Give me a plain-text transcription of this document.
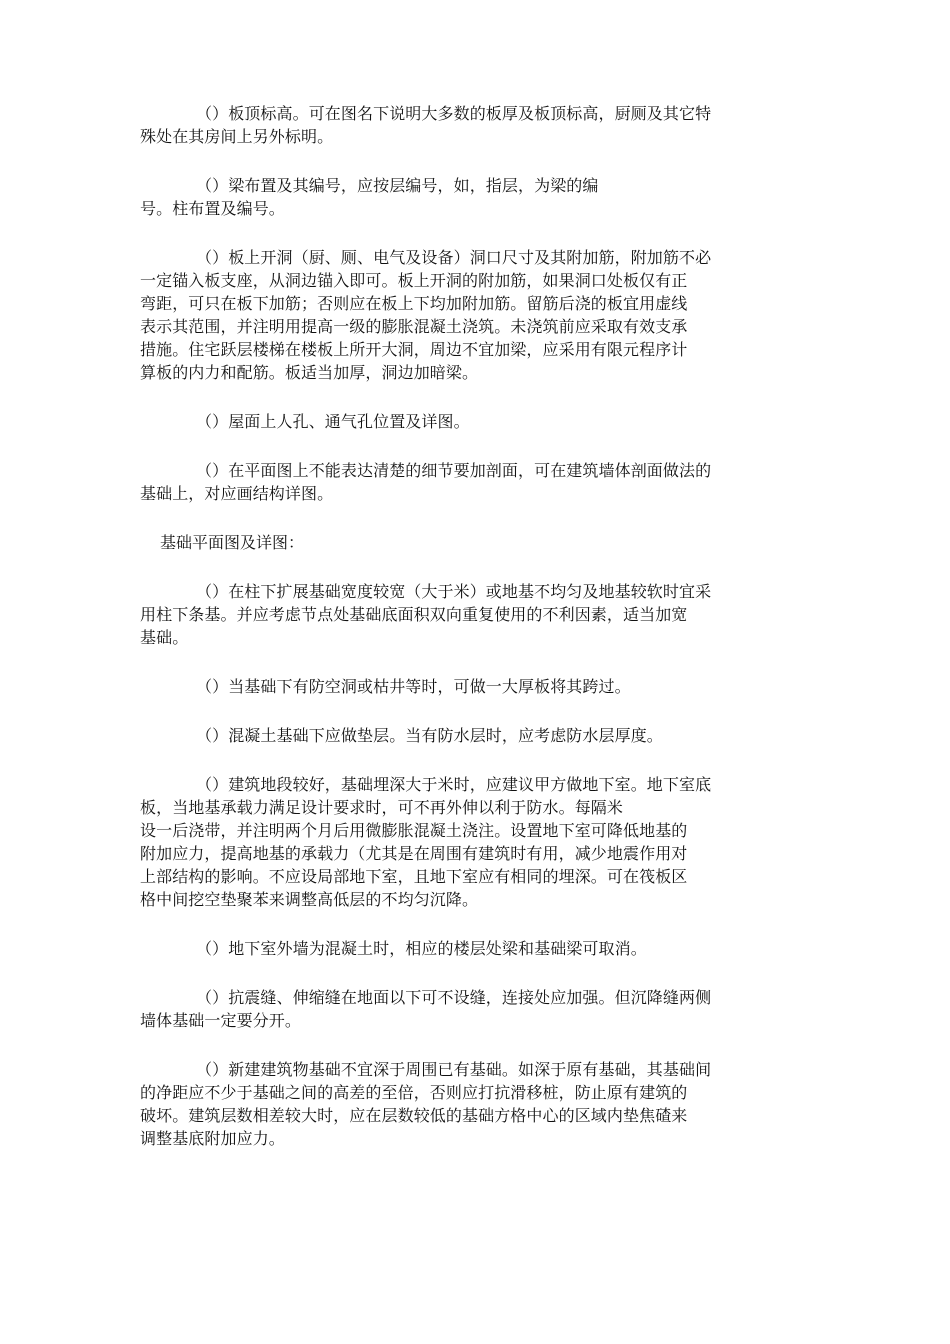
（）板顶标高。可在图名下说明大多数的板厚及板顶标高，厨厕及其它特
殊处在其房间上另外标明。

（）梁布置及其编号，应按层编号，如，指层，为梁的编
号。柱布置及编号。

（）板上开洞（厨、厕、电气及设备）洞口尺寸及其附加筋，附加筋不必
一定锚入板支座，从洞边锚入即可。板上开洞的附加筋，如果洞口处板仅有正
弯距，可只在板下加筋；否则应在板上下均加附加筋。留筋后浇的板宜用虚线
表示其范围，并注明用提高一级的膨胀混凝土浇筑。未浇筑前应采取有效支承
措施。住宅跃层楼梯在楼板上所开大洞，周边不宜加梁，应采用有限元程序计
算板的内力和配筋。板适当加厚，洞边加暗梁。

（）屋面上人孔、通气孔位置及详图。

（）在平面图上不能表达清楚的细节要加剖面，可在建筑墙体剖面做法的
基础上，对应画结构详图。

基础平面图及详图：

（）在柱下扩展基础宽度较宽（大于米）或地基不均匀及地基较软时宜采
用柱下条基。并应考虑节点处基础底面积双向重复使用的不利因素，适当加宽
基础。

（）当基础下有防空洞或枯井等时，可做一大厚板将其跨过。

（）混凝土基础下应做垫层。当有防水层时，应考虑防水层厚度。

（）建筑地段较好，基础埋深大于米时，应建议甲方做地下室。地下室底
板，当地基承载力满足设计要求时，可不再外伸以利于防水。每隔米
设一后浇带，并注明两个月后用微膨胀混凝土浇注。设置地下室可降低地基的
附加应力，提高地基的承载力（尤其是在周围有建筑时有用，减少地震作用对
上部结构的影响。不应设局部地下室，且地下室应有相同的埋深。可在筏板区
格中间挖空垫聚苯来调整高低层的不均匀沉降。

（）地下室外墙为混凝土时，相应的楼层处梁和基础梁可取消。

（）抗震缝、伸缩缝在地面以下可不设缝，连接处应加强。但沉降缝两侧
墙体基础一定要分开。

（）新建建筑物基础不宜深于周围已有基础。如深于原有基础，其基础间
的净距应不少于基础之间的高差的至倍，否则应打抗滑移桩，防止原有建筑的
破坏。建筑层数相差较大时，应在层数较低的基础方格中心的区域内垫焦碴来
调整基底附加应力。
